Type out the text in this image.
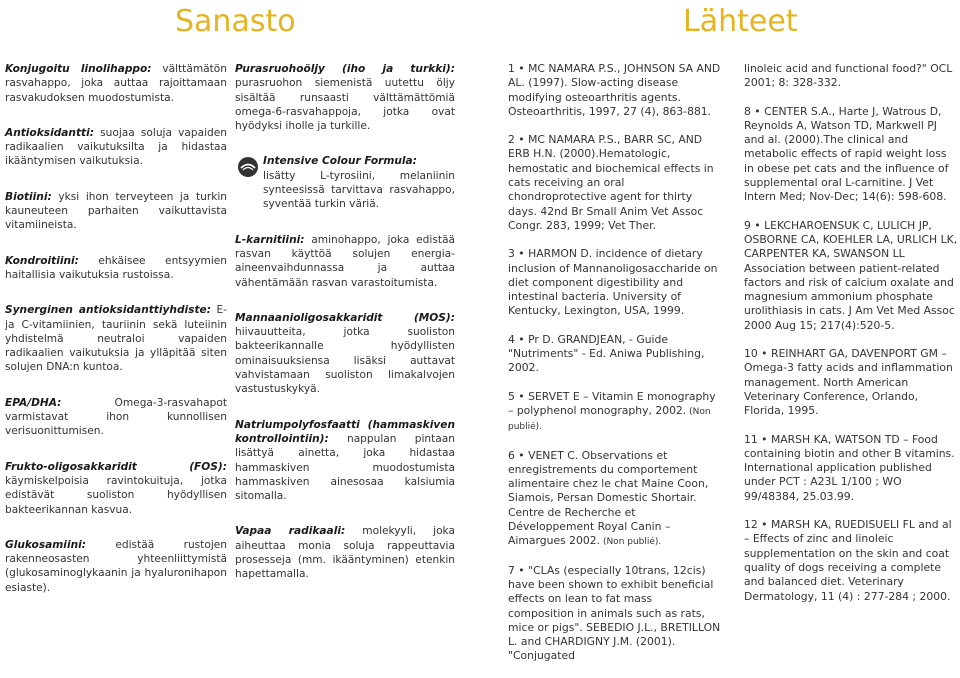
Sanasto	Lähteet

Konjugoitu linolihappo: välttämätön rasvahappo, joka auttaa rajoittamaan rasvakudoksen muodostumista.

Antioksidantti: suojaa soluja vapaiden radikaalien vaikutuksilta ja hidastaa ikääntymisen vaikutuksia.

Biotiini: yksi ihon terveyteen ja turkin kauneuteen parhaiten vaikuttavista vitamiineista.

Kondroitiini: ehkäisee entsyymien haitallisia vaikutuksia rustoissa.

Synerginen antioksidanttiyhdiste: E- ja C-vitamiinien, tauriinin sekä luteiinin yhdistelmä neutraloi vapaiden radikaalien vaikutuksia ja ylläpitää siten solujen DNA:n kuntoa.

EPA/DHA: Omega-3-rasvahapot varmistavat ihon kunnollisen verisuonittumisen.

Frukto-oligosakkaridit (FOS): käymiskelpoisia ravintokuituja, jotka edistävät suoliston hyödyllisen bakteerikannan kasvua.

Glukosamiini: edistää rustojen rakenneosasten yhteenliittymistä (glukosaminoglykaanin ja hyaluronihapon esiaste).

Purasruohoöljy (iho ja turkki): purasruohon siemenistä uutettu öljy sisältää runsaasti välttämättömiä omega-6-rasvahappoja, jotka ovat hyödyksi iholle ja turkille.

Intensive Colour Formula:
lisätty L-tyrosiini, melaniinin synteesissä tarvittava rasvahappo, syventää turkin väriä.

L-karnitiini: aminohappo, joka edistää rasvan käyttöä solujen energia-aineenvaihdunnassa ja auttaa vähentämään rasvan varastoitumista.

Mannaanioligosakkaridit (MOS): hiivauutteita, jotka suoliston bakteerikannalle hyödyllisten ominaisuuksiensa lisäksi auttavat vahvistamaan suoliston limakalvojen vastustuskykyä.

Natriumpolyfosfaatti (hammaskiven kontrollointiin): nappulan pintaan lisättyä ainetta, joka hidastaa hammaskiven muodostumista hammaskiven ainesosaa kalsiumia sitomalla.

Vapaa radikaali: molekyyli, joka aiheuttaa monia soluja rappeuttavia prosesseja (mm. ikääntyminen) etenkin hapettamalla.

1 • MC NAMARA P.S., JOHNSON SA AND AL. (1997). Slow-acting disease modifying osteoarthritis agents. Osteoarthritis, 1997, 27 (4), 863-881.

2 • MC NAMARA P.S., BARR SC, AND ERB H.N. (2000).Hematologic, hemostatic and biochemical effects in cats receiving an oral chondroprotective agent for thirty days. 42nd Br Small Anim Vet Assoc Congr. 283, 1999; Vet Ther.

3 • HARMON D. incidence of dietary inclusion of Mannanoligosaccharide on diet component digestibility and intestinal bacteria. University of Kentucky, Lexington, USA, 1999.

4 • Pr D. GRANDJEAN, - Guide "Nutriments" - Ed. Aniwa Publishing, 2002.

5 • SERVET E – Vitamin E monography – polyphenol monography, 2002. (Non publié).

6 • VENET C. Observations et enregistrements du comportement alimentaire chez le chat Maine Coon, Siamois, Persan Domestic Shortair. Centre de Recherche et Développement Royal Canin – Aimargues 2002. (Non publié).

7 • "CLAs (especially 10trans, 12cis) have been shown to exhibit beneficial effects on lean to fat mass composition in animals such as rats, mice or pigs". SEBEDIO J.L., BRETILLON L. and CHARDIGNY J.M. (2001). "Conjugated

linoleic acid and functional food?" OCL 2001; 8: 328-332.

8 • CENTER S.A., Harte J, Watrous D, Reynolds A, Watson TD, Markwell PJ and al. (2000).The clinical and metabolic effects of rapid weight loss in obese pet cats and the influence of supplemental oral L-carnitine. J Vet Intern Med; Nov-Dec; 14(6): 598-608.

9 • LEKCHAROENSUK C, LULICH JP, OSBORNE CA, KOEHLER LA, URLICH LK, CARPENTER KA, SWANSON LL Association between patient-related factors and risk of calcium oxalate and magnesium ammonium phosphate urolithiasis in cats. J Am Vet Med Assoc 2000 Aug 15; 217(4):520-5.

10 • REINHART GA, DAVENPORT GM – Omega-3 fatty acids and inflammation management. North American Veterinary Conference, Orlando, Florida, 1995.

11 • MARSH KA, WATSON TD – Food containing biotin and other B vitamins. International application published under PCT : A23L 1/100 ; WO 99/48384, 25.03.99.

12 • MARSH KA, RUEDISUELI FL and al – Effects of zinc and linoleic supplementation on the skin and coat quality of dogs receiving a complete and balanced diet. Veterinary Dermatology, 11 (4) : 277-284 ; 2000.
